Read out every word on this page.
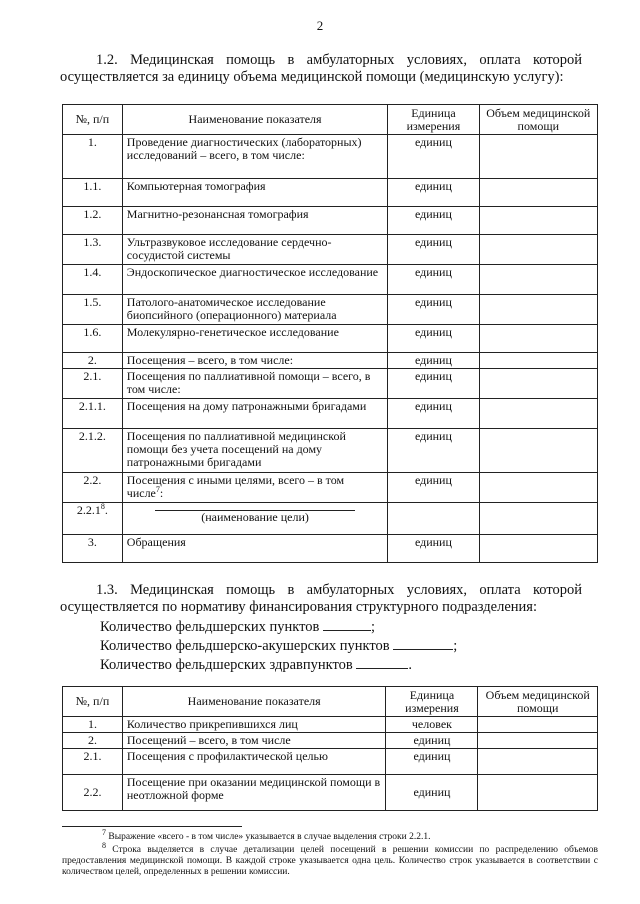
2
1.2. Медицинская помощь в амбулаторных условиях, оплата которой
осуществляется за единицу объема медицинской помощи (медицинскую услугу):
№, п/п	Наименование показателя	Единица измерения	Объем медицинской помощи
1.	Проведение диагностических (лабораторных) исследований – всего, в том числе:	единиц	
1.1.	Компьютерная томография	единиц	
1.2.	Магнитно-резонансная томография	единиц	
1.3.	Ультразвуковое исследование сердечно-сосудистой системы	единиц	
1.4.	Эндоскопическое диагностическое исследование	единиц	
1.5.	Патолого-анатомическое исследование биопсийного (операционного) материала	единиц	
1.6.	Молекулярно-генетическое исследование	единиц	
2.	Посещения – всего, в том числе:	единиц	
2.1.	Посещения по паллиативной помощи – всего, в том числе:	единиц	
2.1.1.	Посещения на дому патронажными бригадами	единиц	
2.1.2.	Посещения по паллиативной медицинской помощи без учета посещений на дому патронажными бригадами	единиц	
2.2.	Посещения с иными целями, всего – в том числе$^7$:	единиц	
2.2.1$^8$.	(наименование цели)		
3.	Обращения	единиц	
1.3. Медицинская помощь в амбулаторных условиях, оплата которой
осуществляется по нормативу финансирования структурного подразделения:
Количество фельдшерских пунктов	;
Количество фельдшерско-акушерских пунктов	;
Количество фельдшерских здравпунктов	.
№, п/п	Наименование показателя	Единица измерения	Объем медицинской помощи
1.	Количество прикрепившихся лиц	человек	
2.	Посещений – всего, в том числе	единиц	
2.1.	Посещения с профилактической целью	единиц	
2.2.	Посещение при оказании медицинской помощи в неотложной форме	единиц	
$^7$ Выражение «всего - в том числе» указывается в случае выделения строки 2.2.1.
$^8$ Строка выделяется в случае детализации целей посещений в решении комиссии по распределению объемов предоставления медицинской помощи. В каждой строке указывается одна цель. Количество строк указывается в соответствии с количеством целей, определенных в решении комиссии.
